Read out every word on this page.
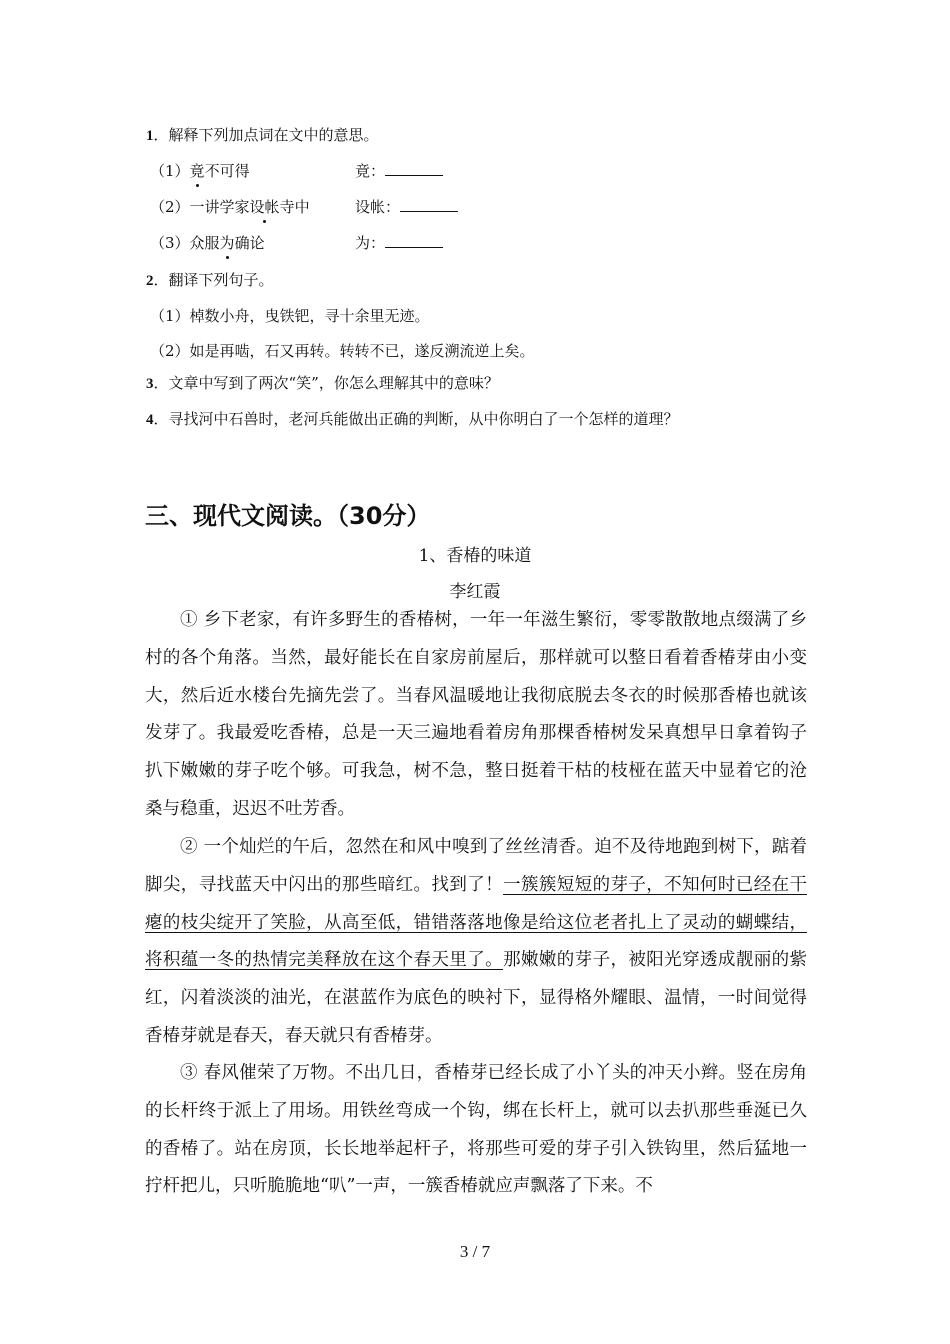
1．解释下列加点词在文中的意思。
（1）竟不可得	竟：
（2）一讲学家设帐寺中	设帐：
（3）众服为确论	为：
2．翻译下列句子。
（1）棹数小舟，曳铁钯，寻十余里无迹。
（2）如是再啮，石又再转。转转不已，遂反溯流逆上矣。
3．文章中写到了两次“笑”，你怎么理解其中的意味？
4．寻找河中石兽时，老河兵能做出正确的判断，从中你明白了一个怎样的道理？
三、现代文阅读。（30分）
1、香椿的味道
李红霞
① 乡下老家，有许多野生的香椿树，一年一年滋生繁衍，零零散散地点缀满了乡村的各个角落。当然，最好能长在自家房前屋后，那样就可以整日看着香椿芽由小变大，然后近水楼台先摘先尝了。当春风温暖地让我彻底脱去冬衣的时候那香椿也就该发芽了。我最爱吃香椿，总是一天三遍地看着房角那棵香椿树发呆真想早日拿着钩子扒下嫩嫩的芽子吃个够。可我急，树不急，整日挺着干枯的枝桠在蓝天中显着它的沧桑与稳重，迟迟不吐芳香。
② 一个灿烂的午后，忽然在和风中嗅到了丝丝清香。迫不及待地跑到树下，踮着脚尖，寻找蓝天中闪出的那些暗红。找到了！一簇簇短短的芽子，不知何时已经在干瘪的枝尖绽开了笑脸，从高至低，错错落落地像是给这位老者扎上了灵动的蝴蝶结，将积蕴一冬的热情完美释放在这个春天里了。那嫩嫩的芽子，被阳光穿透成靓丽的紫红，闪着淡淡的油光，在湛蓝作为底色的映衬下，显得格外耀眼、温情，一时间觉得香椿芽就是春天，春天就只有香椿芽。
③ 春风催荣了万物。不出几日，香椿芽已经长成了小丫头的冲天小辫。竖在房角的长杆终于派上了用场。用铁丝弯成一个钩，绑在长杆上，就可以去扒那些垂涎已久的香椿了。站在房顶，长长地举起杆子，将那些可爱的芽子引入铁钩里，然后猛地一拧杆把儿，只听脆脆地“叭”一声，一簇香椿就应声飘落了下来。不
3 / 7
